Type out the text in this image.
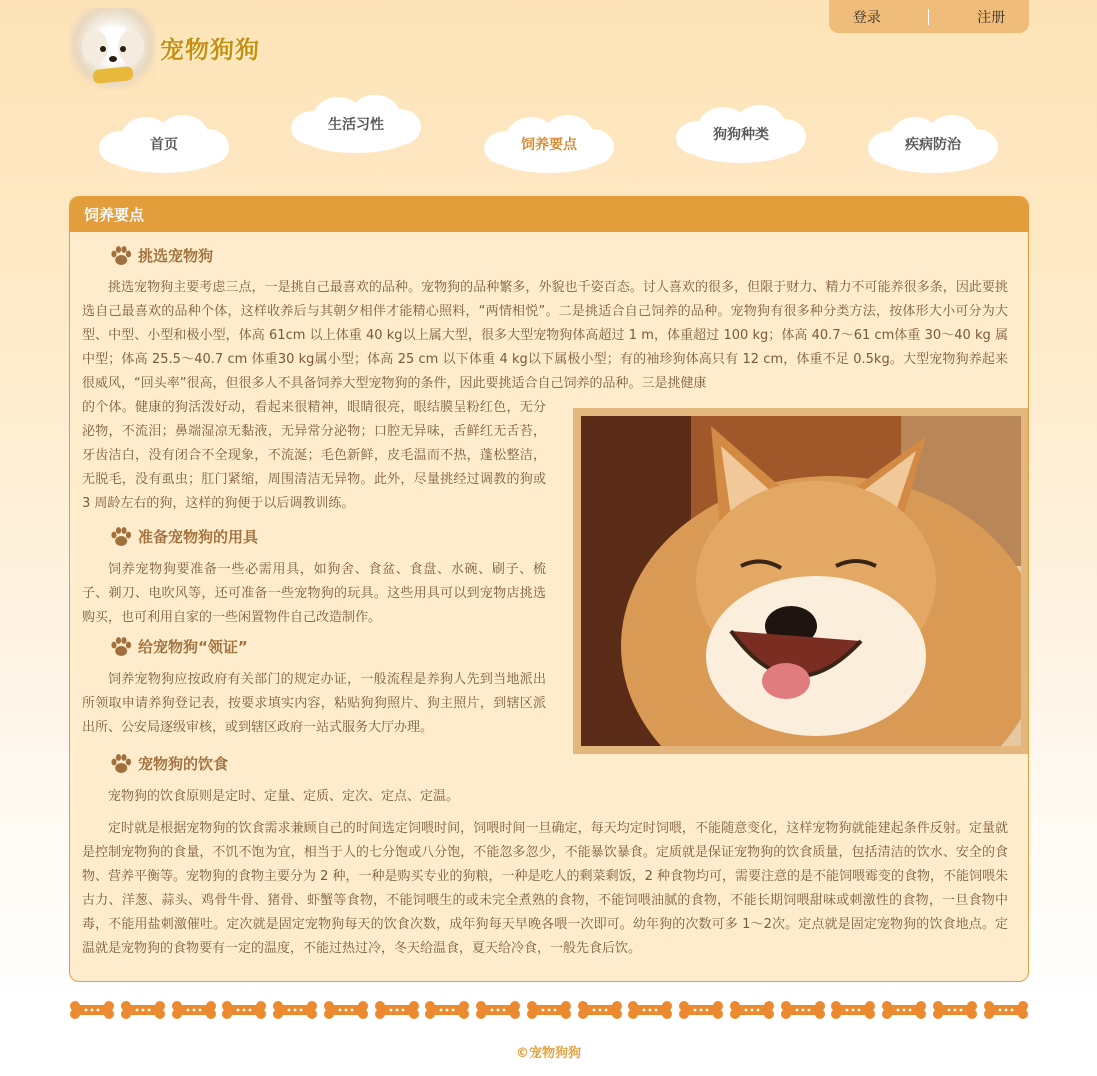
宠物狗狗
登录	注册
首页
生活习性
饲养要点
狗狗种类
疾病防治
饲养要点
挑选宠物狗

挑选宠物狗主要考虑三点，一是挑自己最喜欢的品种。宠物狗的品种繁多，外貌也千姿百态。讨人喜欢的很多，但限于财力、精力不可能养很多条，因此要挑选自己最喜欢的品种个体，这样收养后与其朝夕相伴才能精心照料，“两情相悦”。二是挑适合自己饲养的品种。宠物狗有很多种分类方法，按体形大小可分为大型、中型、小型和极小型，体高 61cm 以上体重 40 kg以上属大型，很多大型宠物狗体高超过 1 m，体重超过 100 kg；体高 40.7～61 cm体重 30～40 kg 属中型；体高 25.5～40.7 cm 体重30 kg属小型；体高 25 cm 以下体重 4 kg以下属极小型；有的袖珍狗体高只有 12 cm，体重不足 0.5kg。大型宠物狗养起来很威风，“回头率”很高，但很多人不具备饲养大型宠物狗的条件，因此要挑适合自己饲养的品种。三是挑健康

的个体。健康的狗活泼好动，看起来很精神，眼睛很亮，眼结膜呈粉红色，无分泌物，不流泪；鼻端湿凉无黏液，无异常分泌物；口腔无异味，舌鲜红无舌苔，牙齿洁白，没有闭合不全现象，不流涎；毛色新鲜，皮毛温而不热，蓬松整洁，无脱毛，没有虱虫；肛门紧缩，周围清洁无异物。此外，尽量挑经过调教的狗或 3 周龄左右的狗，这样的狗便于以后调教训练。

准备宠物狗的用具

饲养宠物狗要准备一些必需用具，如狗舍、食盆、食盘、水碗、刷子、梳子、剃刀、电吹风等，还可准备一些宠物狗的玩具。这些用具可以到宠物店挑选购买，也可利用自家的一些闲置物件自己改造制作。

给宠物狗“领证”

饲养宠物狗应按政府有关部门的规定办证，一般流程是养狗人先到当地派出所领取申请养狗登记表，按要求填实内容，粘贴狗狗照片、狗主照片，到辖区派出所、公安局逐级审核，或到辖区政府一站式服务大厅办理。

宠物狗的饮食

宠物狗的饮食原则是定时、定量、定质、定次、定点、定温。

定时就是根据宠物狗的饮食需求兼顾自己的时间选定饲喂时间，饲喂时间一旦确定，每天均定时饲喂，不能随意变化，这样宠物狗就能建起条件反射。定量就是控制宠物狗的食量，不饥不饱为宜，相当于人的七分饱或八分饱，不能忽多忽少，不能暴饮暴食。定质就是保证宠物狗的饮食质量，包括清洁的饮水、安全的食物、营养平衡等。宠物狗的食物主要分为 2 种，一种是购买专业的狗粮，一种是吃人的剩菜剩饭，2 种食物均可，需要注意的是不能饲喂霉变的食物，不能饲喂朱古力、洋葱、蒜头、鸡骨牛骨、猪骨、虾蟹等食物，不能饲喂生的或未完全煮熟的食物，不能饲喂油腻的食物，不能长期饲喂甜味或刺激性的食物，一旦食物中毒，不能用盐刺激催吐。定次就是固定宠物狗每天的饮食次数，成年狗每天早晚各喂一次即可。幼年狗的次数可多 1～2次。定点就是固定宠物狗的饮食地点。定温就是宠物狗的食物要有一定的温度，不能过热过冷，冬天给温食，夏天给冷食，一般先食后饮。

©宠物狗狗
